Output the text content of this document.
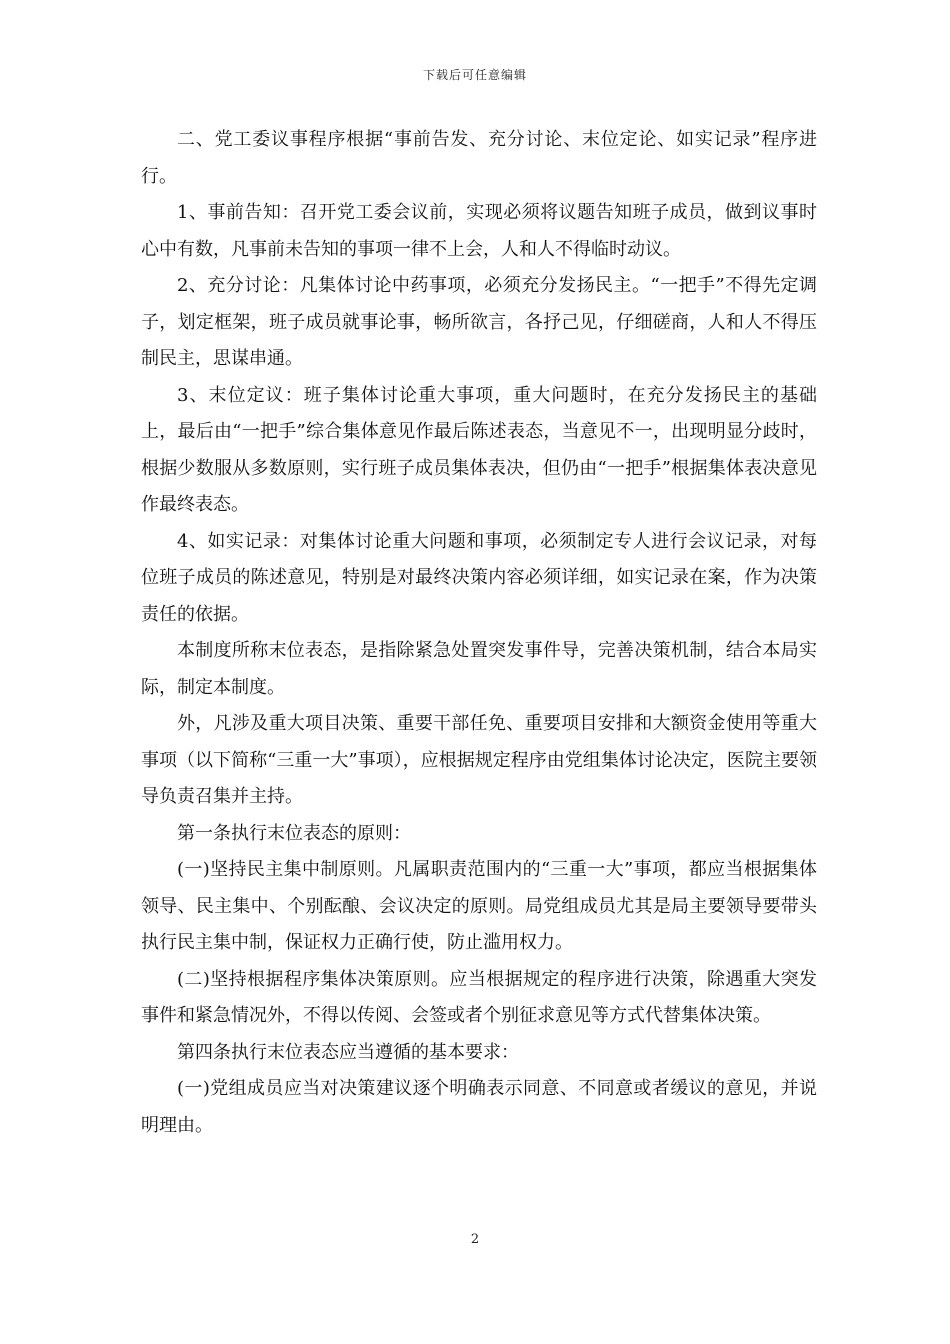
下载后可任意编辑

二、党工委议事程序根据“事前告发、充分讨论、末位定论、如实记录”程序进行。

1、事前告知：召开党工委会议前，实现必须将议题告知班子成员，做到议事时心中有数，凡事前未告知的事项一律不上会，人和人不得临时动议。

2、充分讨论：凡集体讨论中药事项，必须充分发扬民主。“一把手”不得先定调子，划定框架，班子成员就事论事，畅所欲言，各抒己见，仔细磋商，人和人不得压制民主，思谋串通。

3、末位定议：班子集体讨论重大事项，重大问题时，在充分发扬民主的基础上，最后由“一把手”综合集体意见作最后陈述表态，当意见不一，出现明显分歧时，根据少数服从多数原则，实行班子成员集体表决，但仍由“一把手”根据集体表决意见作最终表态。

4、如实记录：对集体讨论重大问题和事项，必须制定专人进行会议记录，对每位班子成员的陈述意见，特别是对最终决策内容必须详细，如实记录在案，作为决策责任的依据。

本制度所称末位表态，是指除紧急处置突发事件导，完善决策机制，结合本局实际，制定本制度。

外，凡涉及重大项目决策、重要干部任免、重要项目安排和大额资金使用等重大事项（以下简称“三重一大”事项），应根据规定程序由党组集体讨论决定，医院主要领导负责召集并主持。

第一条执行末位表态的原则：

(一)坚持民主集中制原则。凡属职责范围内的“三重一大”事项，都应当根据集体领导、民主集中、个别酝酿、会议决定的原则。局党组成员尤其是局主要领导要带头执行民主集中制，保证权力正确行使，防止滥用权力。

(二)坚持根据程序集体决策原则。应当根据规定的程序进行决策，除遇重大突发事件和紧急情况外，不得以传阅、会签或者个别征求意见等方式代替集体决策。

第四条执行末位表态应当遵循的基本要求：

(一)党组成员应当对决策建议逐个明确表示同意、不同意或者缓议的意见，并说明理由。

2
